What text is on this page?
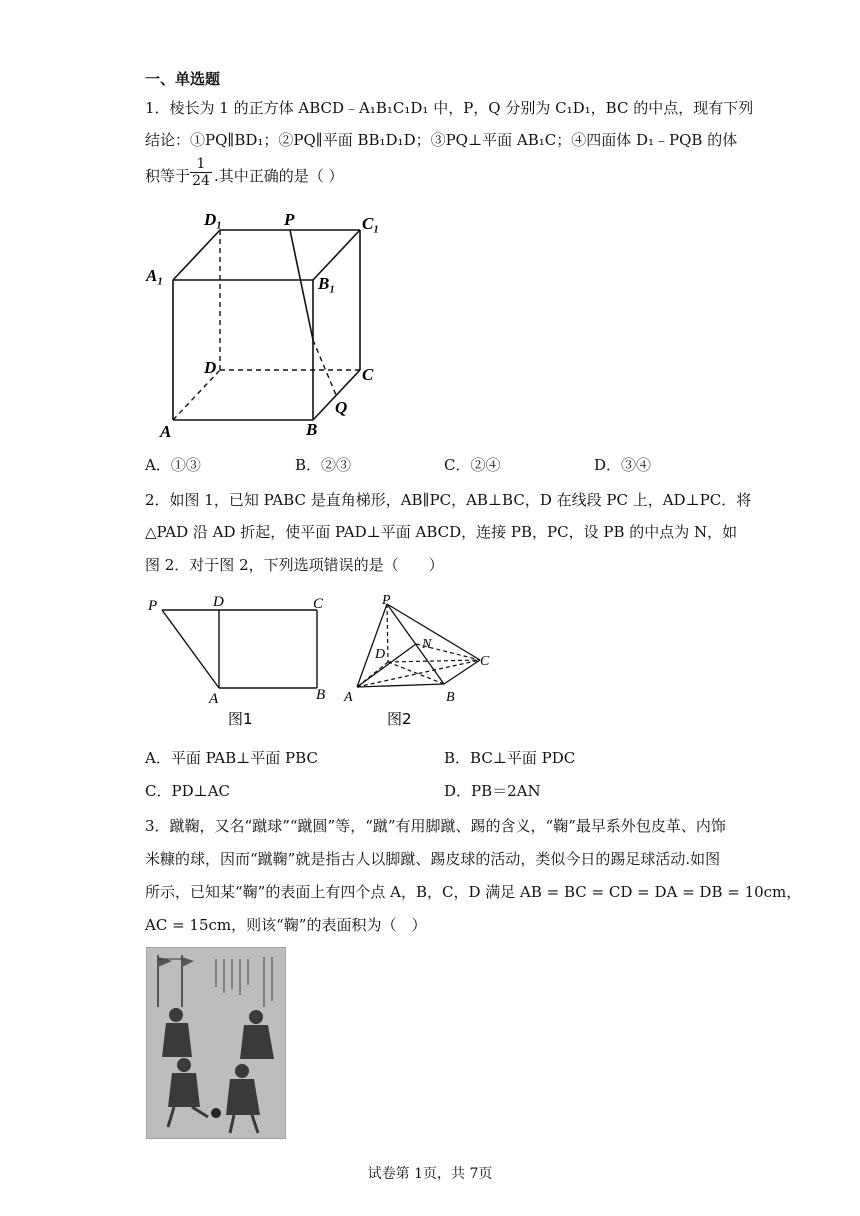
一、单选题
1．棱长为 1 的正方体 ABCD﹣A₁B₁C₁D₁ 中，P，Q 分别为 C₁D₁，BC 的中点，现有下列
结论：①PQ∥BD₁；②PQ∥平面 BB₁D₁D；③PQ⊥平面 AB₁C；④四面体 D₁﹣PQB 的体
积等于 $\frac{1}{24}$ .其中正确的是（ ）
D₁	P	C₁
A₁	B₁
D	C
Q
A	B
A．①③	B．②③	C．②④	D．③④
2．如图 1，已知 PABC 是直角梯形，AB∥PC，AB⊥BC，D 在线段 PC 上，AD⊥PC．将
△PAD 沿 AD 折起，使平面 PAD⊥平面 ABCD，连接 PB，PC，设 PB 的中点为 N，如
图 2．对于图 2，下列选项错误的是（　　）
P	D	C
A	B
图1
P
D
N
C
A	B
图2
A．平面 PAB⊥平面 PBC	B．BC⊥平面 PDC
C．PD⊥AC	D．PB＝2AN
3．蹴鞠，又名“蹴球”“蹴圆”等，“蹴”有用脚蹴、踢的含义，“鞠”最早系外包皮革、内饰
米糠的球，因而“蹴鞠”就是指古人以脚蹴、踢皮球的活动，类似今日的踢足球活动.如图
所示，已知某“鞠”的表面上有四个点 A，B，C，D 满足 AB = BC = CD = DA = DB = 10cm，
AC = 15cm，则该“鞠”的表面积为（　）
试卷第 1页，共 7页
